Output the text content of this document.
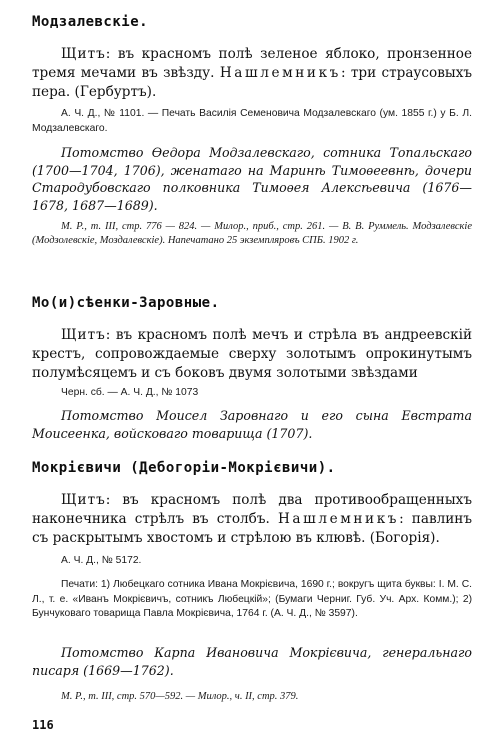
Модзалевскіе.

Щитъ: въ красномъ полѣ зеленое яблоко, пронзенное тремя мечами въ звѣзду. Нашлемникъ: три страусовыхъ пера. (Гербуртъ).

А. Ч. Д., № 1101. — Печать Василія Семеновича Модзалевскаго (ум. 1855 г.) у Б. Л. Модзалевскаго.

Потомство Ѳедора Модзалевскаго, сотника Топальскаго (1700—1704, 1706), женатаго на Маринѣ Тимоѳеевнѣ, дочери Стародубовскаго полковника Тимоѳея Алексѣевича (1676—1678, 1687—1689).

М. Р., т. III, стр. 776 — 824. — Милор., приб., стр. 261. — В. В. Руммель. Модзалевскіе (Модзолевскіе, Моздалевскіе). Напечатано 25 экземпляровъ СПБ. 1902 г.

Мо(и)сѣенки-Заровные.

Щитъ: въ красномъ полѣ мечъ и стрѣла въ андреевскій крестъ, сопровождаемые сверху золотымъ опрокинутымъ полумѣсяцемъ и съ боковъ двумя золотыми звѣздами

Черн. сб. — А. Ч. Д., № 1073

Потомство Моисел Заровнаго и его сына Евстрата Моисеенка, войсковаго товарища (1707).

Мокрієвичи (Дебогоріи-Мокрієвичи).

Щитъ: въ красномъ полѣ два противообращенныхъ наконечника стрѣлъ въ столбъ. Нашлемникъ: павлинъ съ раскрытымъ хвостомъ и стрѣлою въ клювѣ. (Богорія).

А. Ч. Д., № 5172.

Печати: 1) Любецкаго сотника Ивана Мокрієвича, 1690 г.; вокругъ щита буквы: І. М. С. Л., т. е. «Иванъ Мокрієвичъ, сотникъ Любецкій»; (Бумаги Черниг. Губ. Уч. Арх. Комм.); 2) Бунчуковаго товарища Павла Мокрієвича, 1764 г. (А. Ч. Д., № 3597).

Потомство Карпа Ивановича Мокрієвича, генеральнаго писаря (1669—1762).

М. Р., т. III, стр. 570—592. — Милор., ч. II, стр. 379.

116
